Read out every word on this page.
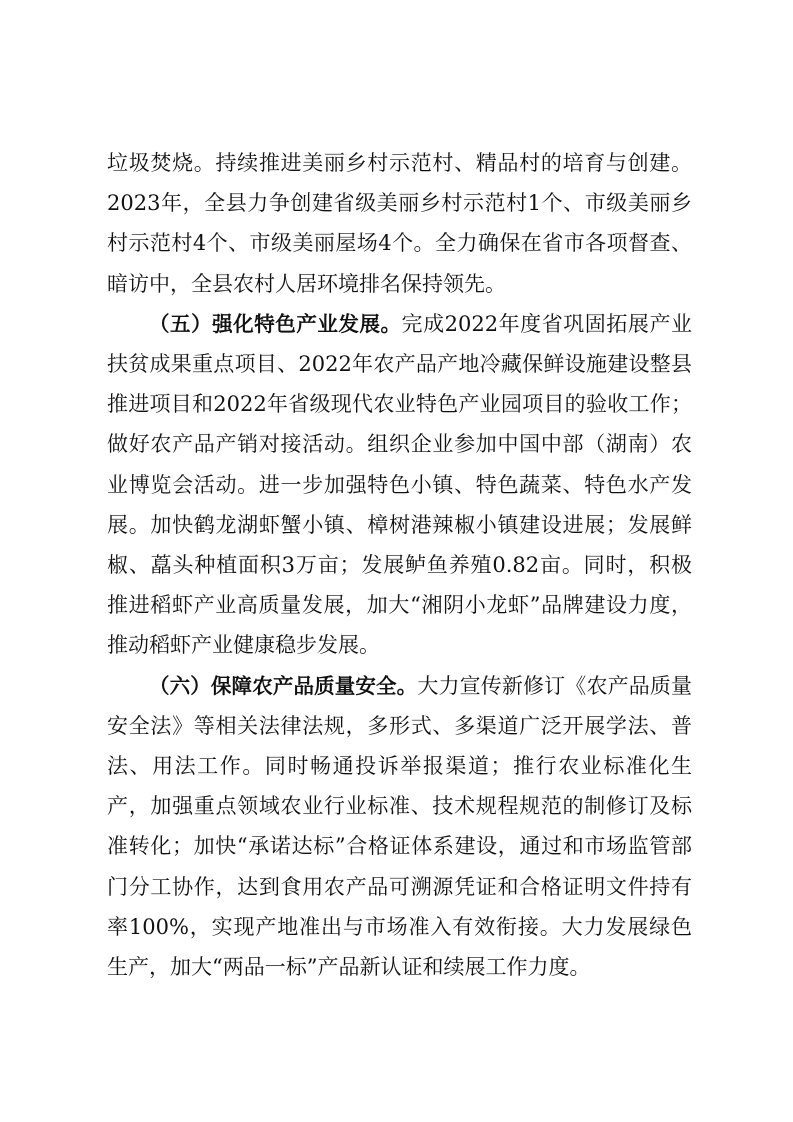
垃圾焚烧。持续推进美丽乡村示范村、精品村的培育与创建。2023年，全县力争创建省级美丽乡村示范村1个、市级美丽乡村示范村4个、市级美丽屋场4个。全力确保在省市各项督查、暗访中，全县农村人居环境排名保持领先。

（五）强化特色产业发展。完成2022年度省巩固拓展产业扶贫成果重点项目、2022年农产品产地冷藏保鲜设施建设整县推进项目和2022年省级现代农业特色产业园项目的验收工作；做好农产品产销对接活动。组织企业参加中国中部（湖南）农业博览会活动。进一步加强特色小镇、特色蔬菜、特色水产发展。加快鹤龙湖虾蟹小镇、樟树港辣椒小镇建设进展；发展鲜椒、藠头种植面积3万亩；发展鲈鱼养殖0.82亩。同时，积极推进稻虾产业高质量发展，加大“湘阴小龙虾”品牌建设力度，推动稻虾产业健康稳步发展。

（六）保障农产品质量安全。大力宣传新修订《农产品质量安全法》等相关法律法规，多形式、多渠道广泛开展学法、普法、用法工作。同时畅通投诉举报渠道；推行农业标准化生产，加强重点领域农业行业标准、技术规程规范的制修订及标准转化；加快“承诺达标”合格证体系建设，通过和市场监管部门分工协作，达到食用农产品可溯源凭证和合格证明文件持有率100%，实现产地准出与市场准入有效衔接。大力发展绿色生产，加大“两品一标”产品新认证和续展工作力度。
